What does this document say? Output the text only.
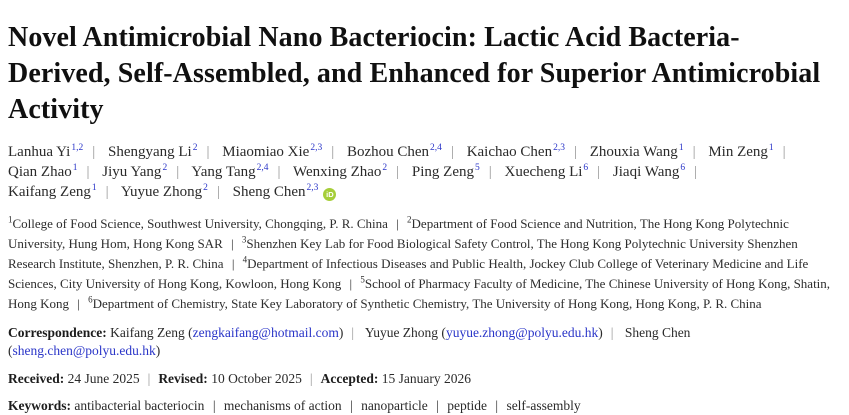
Novel Antimicrobial Nano Bacteriocin: Lactic Acid Bacteria-Derived, Self-Assembled, and Enhanced for Superior Antimicrobial Activity
Lanhua Yi$^{1,2}$ | Shengyang Li$^2$ | Miaomiao Xie$^{2,3}$ | Bozhou Chen$^{2,4}$ | Kaichao Chen$^{2,3}$ | Zhouxia Wang$^1$ | Min Zeng$^1$ |
Qian Zhao$^1$ | Jiyu Yang$^2$ | Yang Tang$^{2,4}$ | Wenxing Zhao$^2$ | Ping Zeng$^5$ | Xuecheng Li$^6$ | Jiaqi Wang$^6$ |
Kaifang Zeng$^1$ | Yuyue Zhong$^2$ | Sheng Chen$^{2,3}$iD
$^1$College of Food Science, Southwest University, Chongqing, P. R. China | $^2$Department of Food Science and Nutrition, The Hong Kong Polytechnic University, Hung Hom, Hong Kong SAR | $^3$Shenzhen Key Lab for Food Biological Safety Control, The Hong Kong Polytechnic University Shenzhen Research Institute, Shenzhen, P. R. China | $^4$Department of Infectious Diseases and Public Health, Jockey Club College of Veterinary Medicine and Life Sciences, City University of Hong Kong, Kowloon, Hong Kong | $^5$School of Pharmacy Faculty of Medicine, The Chinese University of Hong Kong, Shatin, Hong Kong | $^6$Department of Chemistry, State Key Laboratory of Synthetic Chemistry, The University of Hong Kong, Hong Kong, P. R. China
Correspondence: Kaifang Zeng (zengkaifang@hotmail.com) | Yuyue Zhong (yuyue.zhong@polyu.edu.hk) | Sheng Chen (sheng.chen@polyu.edu.hk)
Received: 24 June 2025 | Revised: 10 October 2025 | Accepted: 15 January 2026
Keywords: antibacterial bacteriocin | mechanisms of action | nanoparticle | peptide | self-assembly
